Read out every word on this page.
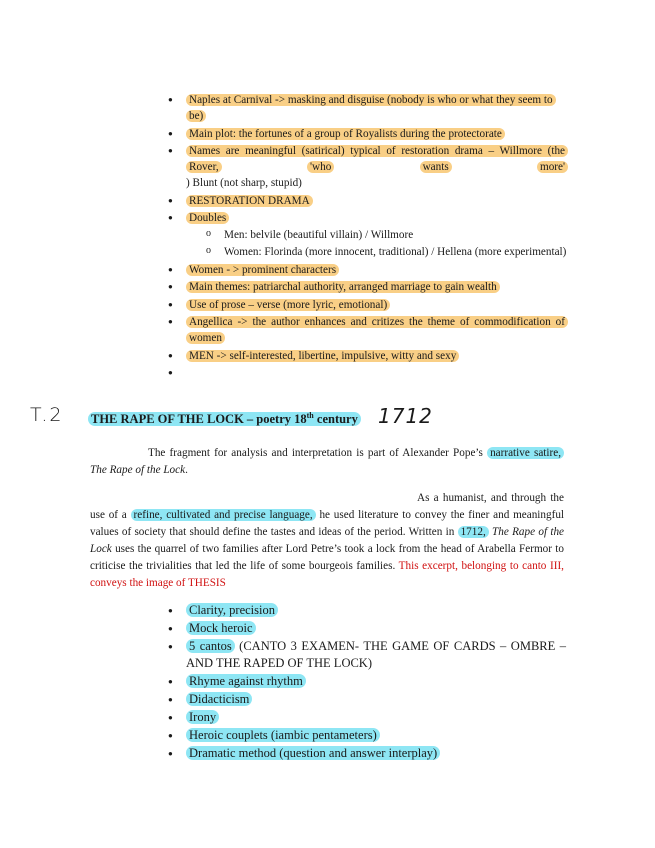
● Naples at Carnival -> masking and disguise (nobody is who or what they seem to be)
● Main plot: the fortunes of a group of Royalists during the protectorate
● Names are meaningful (satirical) typical of restoration drama – Willmore (the
Rover,	'who	wants	more'
) Blunt (not sharp, stupid)
● RESTORATION DRAMA
● Doubles
o Men: belvile (beautiful villain) / Willmore
o Women: Florinda (more innocent, traditional) / Hellena (more experimental)
● Women - > prominent characters
● Main themes: patriarchal authority, arranged marriage to gain wealth
● Use of prose – verse (more lyric, emotional)
● Angellica -> the author enhances and critizes the theme of commodification of women
● MEN -> self-interested, libertine, impulsive, witty and sexy
●
T.2 THE RAPE OF THE LOCK – poetry 18th century 1712
The fragment for analysis and interpretation is part of Alexander Pope’s narrative satire,
The Rape of the Lock.
As a humanist, and through the use of a refine, cultivated and precise language, he used literature to convey the finer and meaningful values of society that should define the tastes and ideas of the period. Written in 1712, The Rape of the Lock uses the quarrel of two families after Lord Petre’s took a lock from the head of Arabella Fermor to criticise the trivialities that led the life of some bourgeois families. This excerpt, belonging to canto III, conveys the image of THESIS
● Clarity, precision
● Mock heroic
● 5 cantos (CANTO 3 EXAMEN- THE GAME OF CARDS – OMBRE – AND THE RAPED OF THE LOCK)
● Rhyme against rhythm
● Didacticism
● Irony
● Heroic couplets (iambic pentameters)
● Dramatic method (question and answer interplay)
